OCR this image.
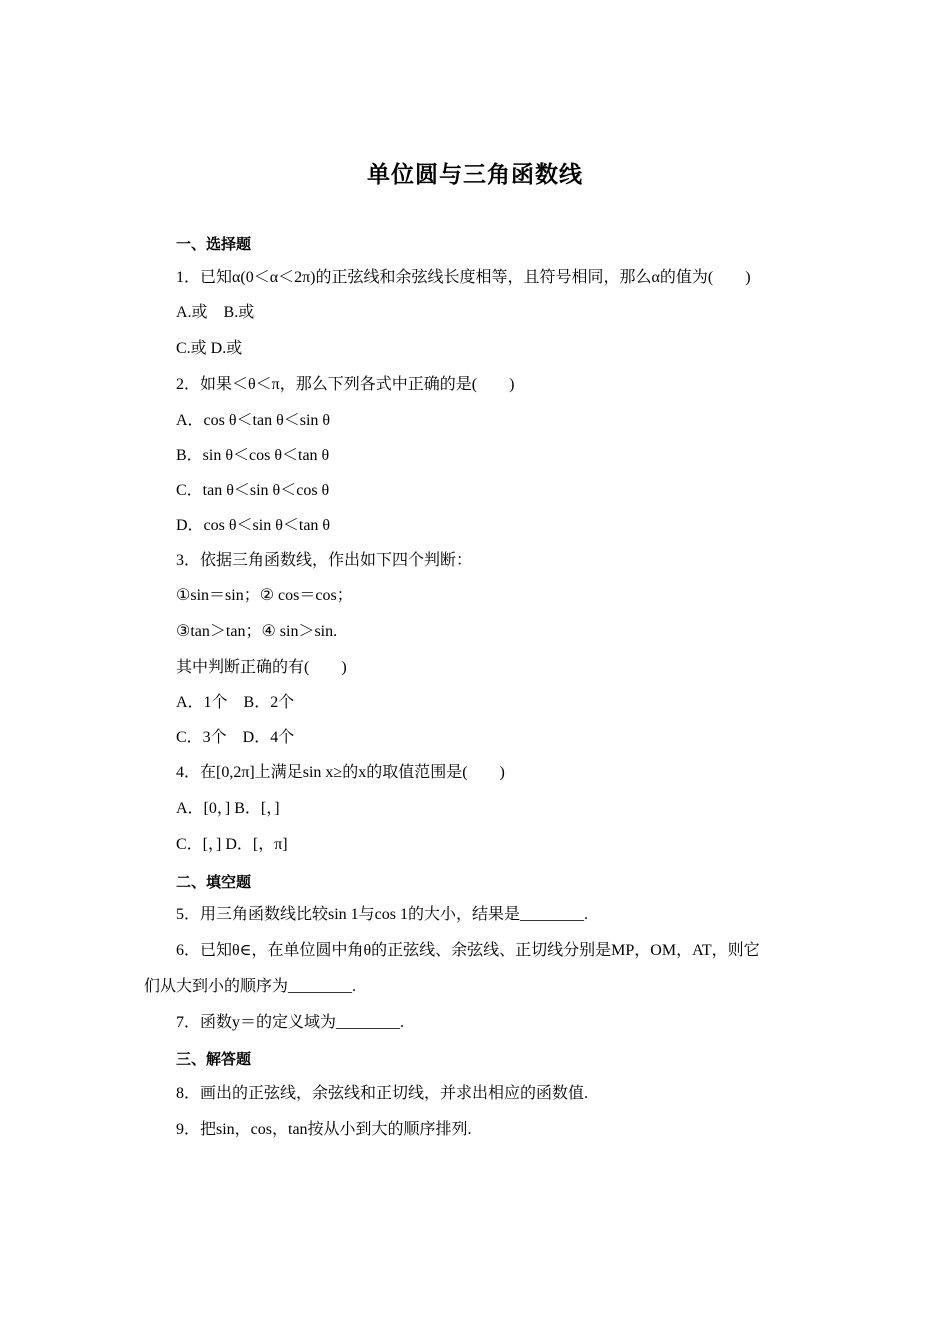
单位圆与三角函数线
一、选择题
1．已知α(0＜α＜2π)的正弦线和余弦线长度相等，且符号相同，那么α的值为(　　)
A.或　B.或
C.或 D.或
2．如果＜θ＜π，那么下列各式中正确的是(　　)
A．cos θ＜tan θ＜sin θ
B．sin θ＜cos θ＜tan θ
C．tan θ＜sin θ＜cos θ
D．cos θ＜sin θ＜tan θ
3．依据三角函数线，作出如下四个判断：
①sin＝sin；② cos＝cos；
③tan＞tan；④ sin＞sin.
其中判断正确的有(　　)
A．1个　B．2个
C．3个　D．4个
4．在[0,2π]上满足sin x≥的x的取值范围是(　　)
A．[0，] B．[，]
C．[，] D．[，π]
二、填空题
5．用三角函数线比较sin 1与cos 1的大小，结果是________.
6．已知θ∈，在单位圆中角θ的正弦线、余弦线、正切线分别是MP，OM，AT，则它
们从大到小的顺序为________.
7．函数y＝的定义域为________.
三、解答题
8．画出的正弦线，余弦线和正切线，并求出相应的函数值.
9．把sin，cos，tan按从小到大的顺序排列.
